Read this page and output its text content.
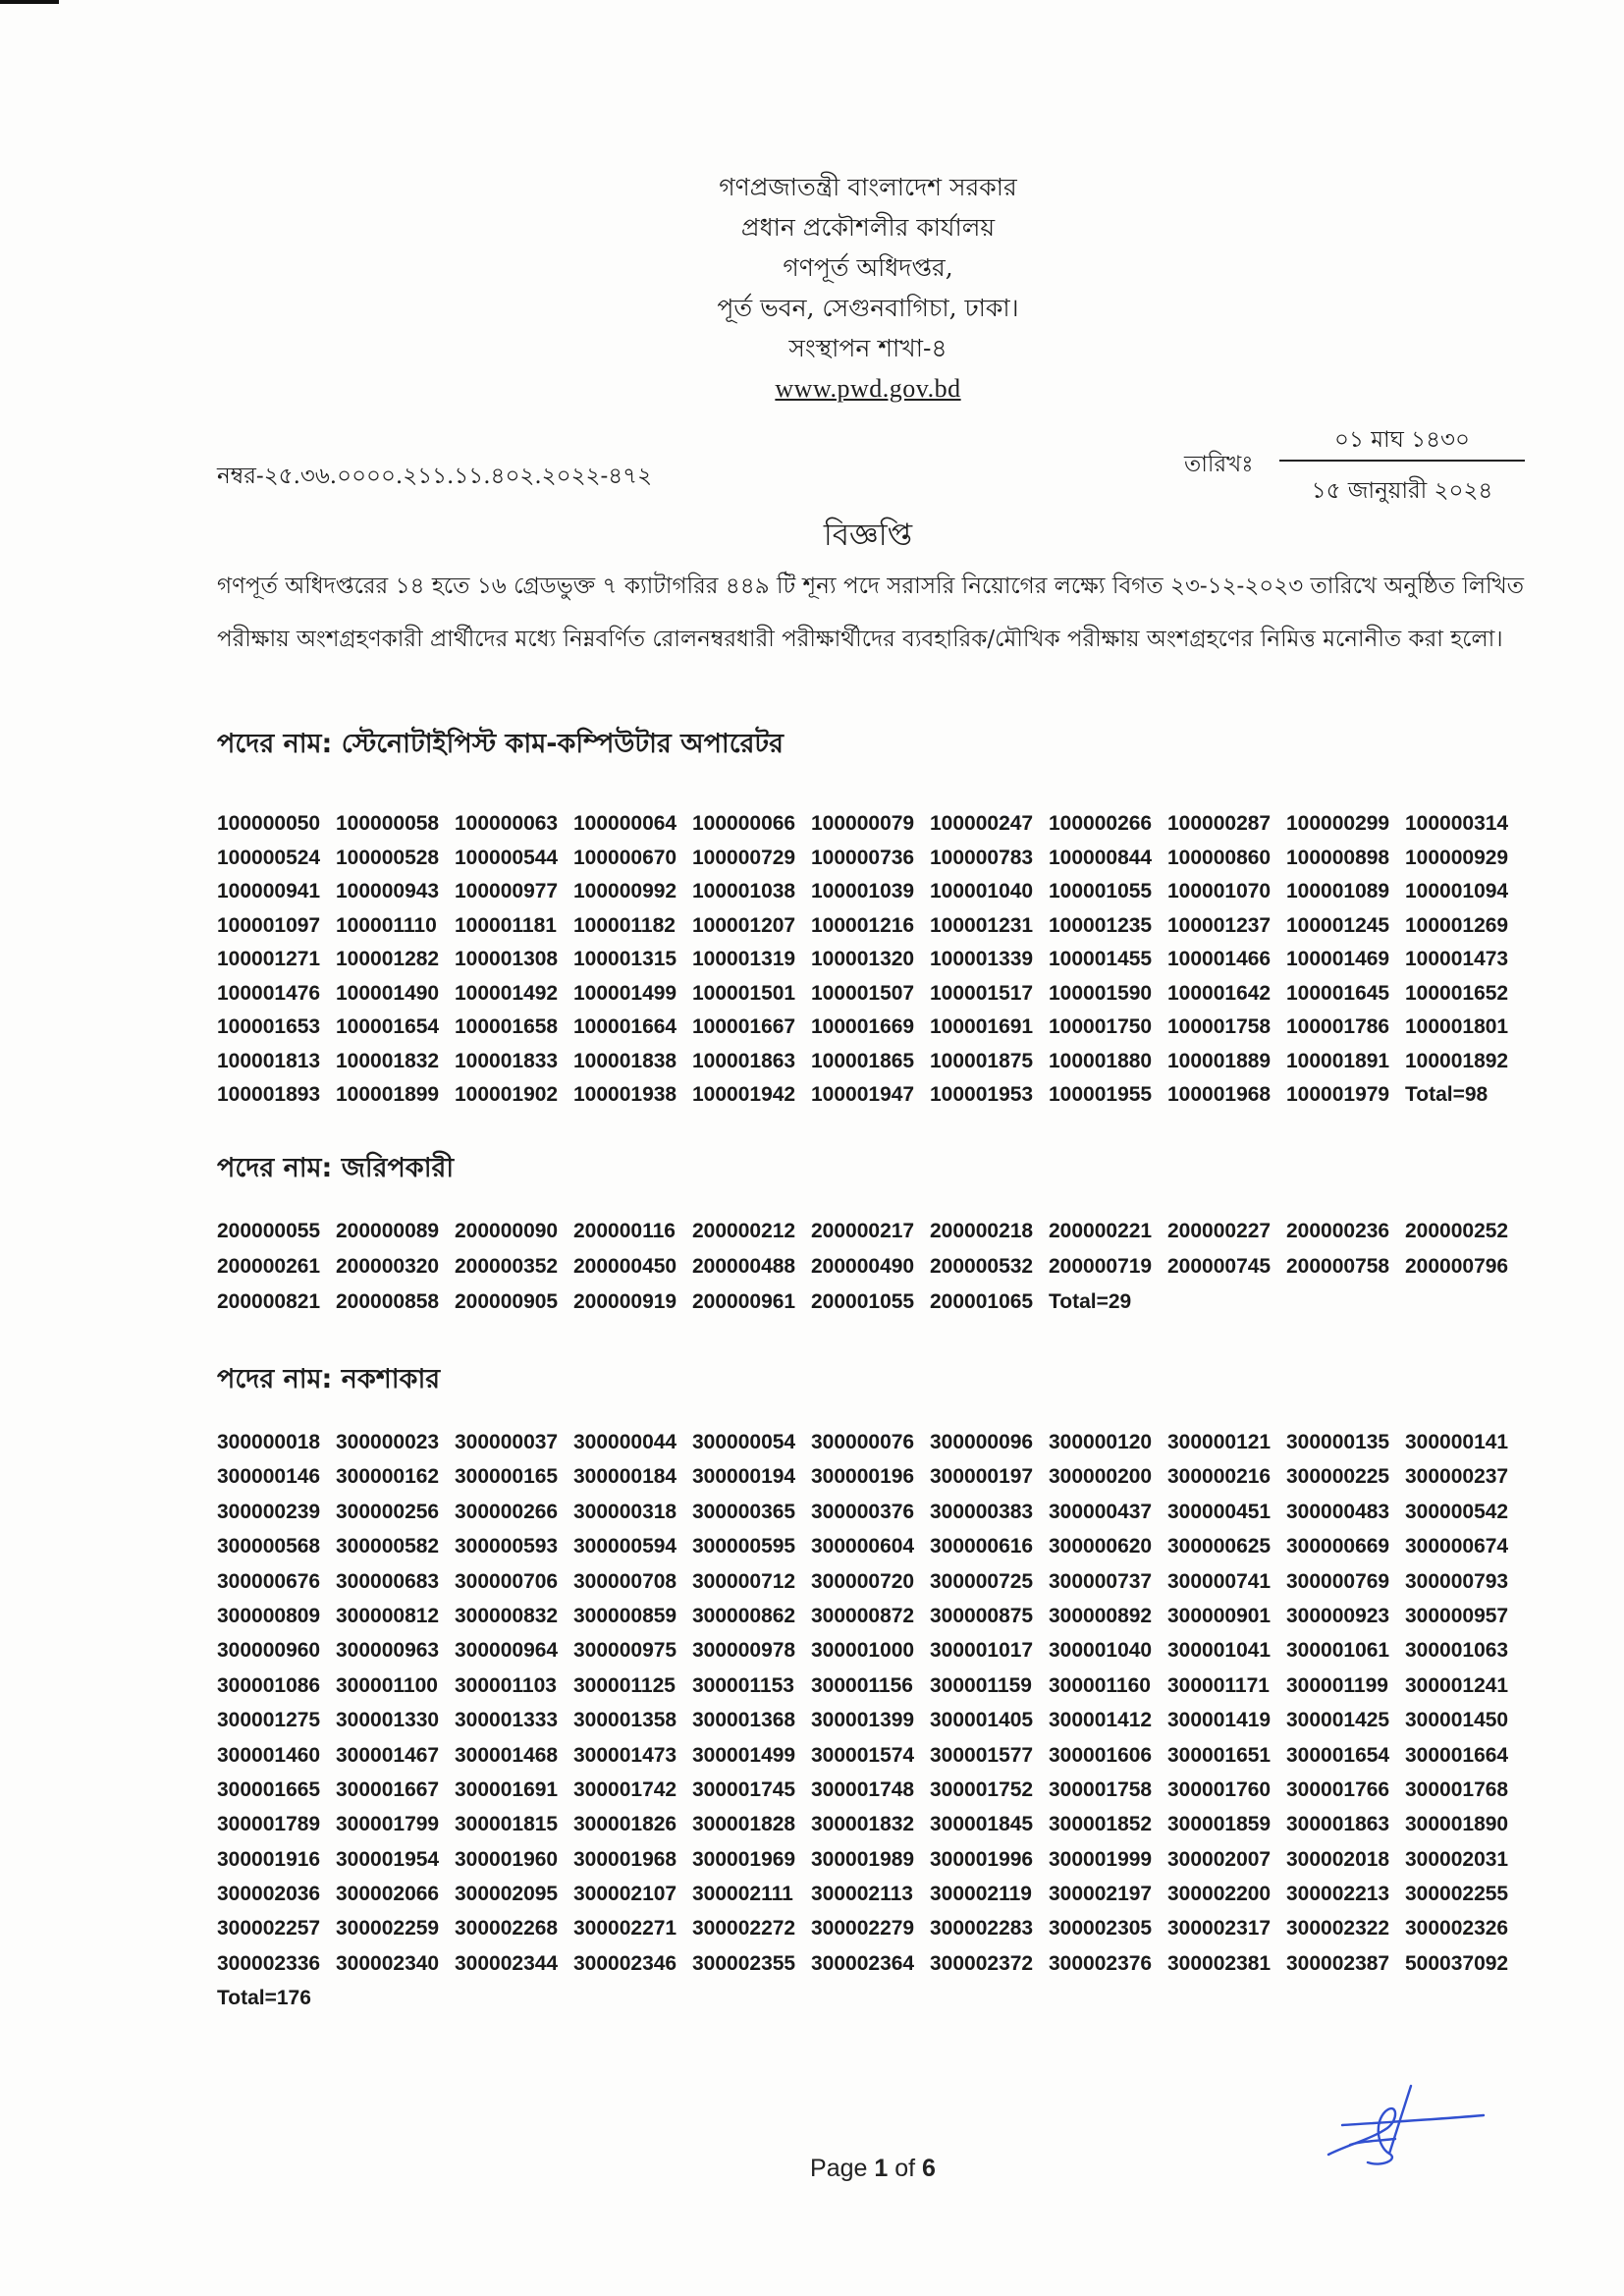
গণপ্রজাতন্ত্রী বাংলাদেশ সরকার
প্রধান প্রকৌশলীর কার্যালয়
গণপূর্ত অধিদপ্তর,
পূর্ত ভবন, সেগুনবাগিচা, ঢাকা।
সংস্থাপন শাখা-৪
www.pwd.gov.bd
নম্বর-২৫.৩৬.০০০০.২১১.১১.৪০২.২০২২-৪৭২	তারিখঃ
০১ মাঘ ১৪৩০
১৫ জানুয়ারী ২০২৪
বিজ্ঞপ্তি
গণপূর্ত অধিদপ্তরের ১৪ হতে ১৬ গ্রেডভুক্ত ৭ ক্যাটাগরির ৪৪৯ টি শূন্য পদে সরাসরি নিয়োগের লক্ষ্যে বিগত ২৩-১২-২০২৩ তারিখে অনুষ্ঠিত লিখিত পরীক্ষায় অংশগ্রহণকারী প্রার্থীদের মধ্যে নিম্নবর্ণিত রোলনম্বরধারী পরীক্ষার্থীদের ব্যবহারিক/মৌখিক পরীক্ষায় অংশগ্রহণের নিমিত্ত মনোনীত করা হলো।
পদের নাম: স্টেনোটাইপিস্ট কাম-কম্পিউটার অপারেটর
100000050 100000058 100000063 100000064 100000066 100000079 100000247 100000266 100000287 100000299 100000314
100000524 100000528 100000544 100000670 100000729 100000736 100000783 100000844 100000860 100000898 100000929
100000941 100000943 100000977 100000992 100001038 100001039 100001040 100001055 100001070 100001089 100001094
100001097 100001110 100001181 100001182 100001207 100001216 100001231 100001235 100001237 100001245 100001269
100001271 100001282 100001308 100001315 100001319 100001320 100001339 100001455 100001466 100001469 100001473
100001476 100001490 100001492 100001499 100001501 100001507 100001517 100001590 100001642 100001645 100001652
100001653 100001654 100001658 100001664 100001667 100001669 100001691 100001750 100001758 100001786 100001801
100001813 100001832 100001833 100001838 100001863 100001865 100001875 100001880 100001889 100001891 100001892
100001893 100001899 100001902 100001938 100001942 100001947 100001953 100001955 100001968 100001979 Total=98
পদের নাম: জরিপকারী
200000055 200000089 200000090 200000116 200000212 200000217 200000218 200000221 200000227 200000236 200000252
200000261 200000320 200000352 200000450 200000488 200000490 200000532 200000719 200000745 200000758 200000796
200000821 200000858 200000905 200000919 200000961 200001055 200001065 Total=29
পদের নাম: নকশাকার
300000018 300000023 300000037 300000044 300000054 300000076 300000096 300000120 300000121 300000135 300000141
300000146 300000162 300000165 300000184 300000194 300000196 300000197 300000200 300000216 300000225 300000237
300000239 300000256 300000266 300000318 300000365 300000376 300000383 300000437 300000451 300000483 300000542
300000568 300000582 300000593 300000594 300000595 300000604 300000616 300000620 300000625 300000669 300000674
300000676 300000683 300000706 300000708 300000712 300000720 300000725 300000737 300000741 300000769 300000793
300000809 300000812 300000832 300000859 300000862 300000872 300000875 300000892 300000901 300000923 300000957
300000960 300000963 300000964 300000975 300000978 300001000 300001017 300001040 300001041 300001061 300001063
300001086 300001100 300001103 300001125 300001153 300001156 300001159 300001160 300001171 300001199 300001241
300001275 300001330 300001333 300001358 300001368 300001399 300001405 300001412 300001419 300001425 300001450
300001460 300001467 300001468 300001473 300001499 300001574 300001577 300001606 300001651 300001654 300001664
300001665 300001667 300001691 300001742 300001745 300001748 300001752 300001758 300001760 300001766 300001768
300001789 300001799 300001815 300001826 300001828 300001832 300001845 300001852 300001859 300001863 300001890
300001916 300001954 300001960 300001968 300001969 300001989 300001996 300001999 300002007 300002018 300002031
300002036 300002066 300002095 300002107 300002111 300002113 300002119 300002197 300002200 300002213 300002255
300002257 300002259 300002268 300002271 300002272 300002279 300002283 300002305 300002317 300002322 300002326
300002336 300002340 300002344 300002346 300002355 300002364 300002372 300002376 300002381 300002387 500037092
Total=176
Page 1 of 6
